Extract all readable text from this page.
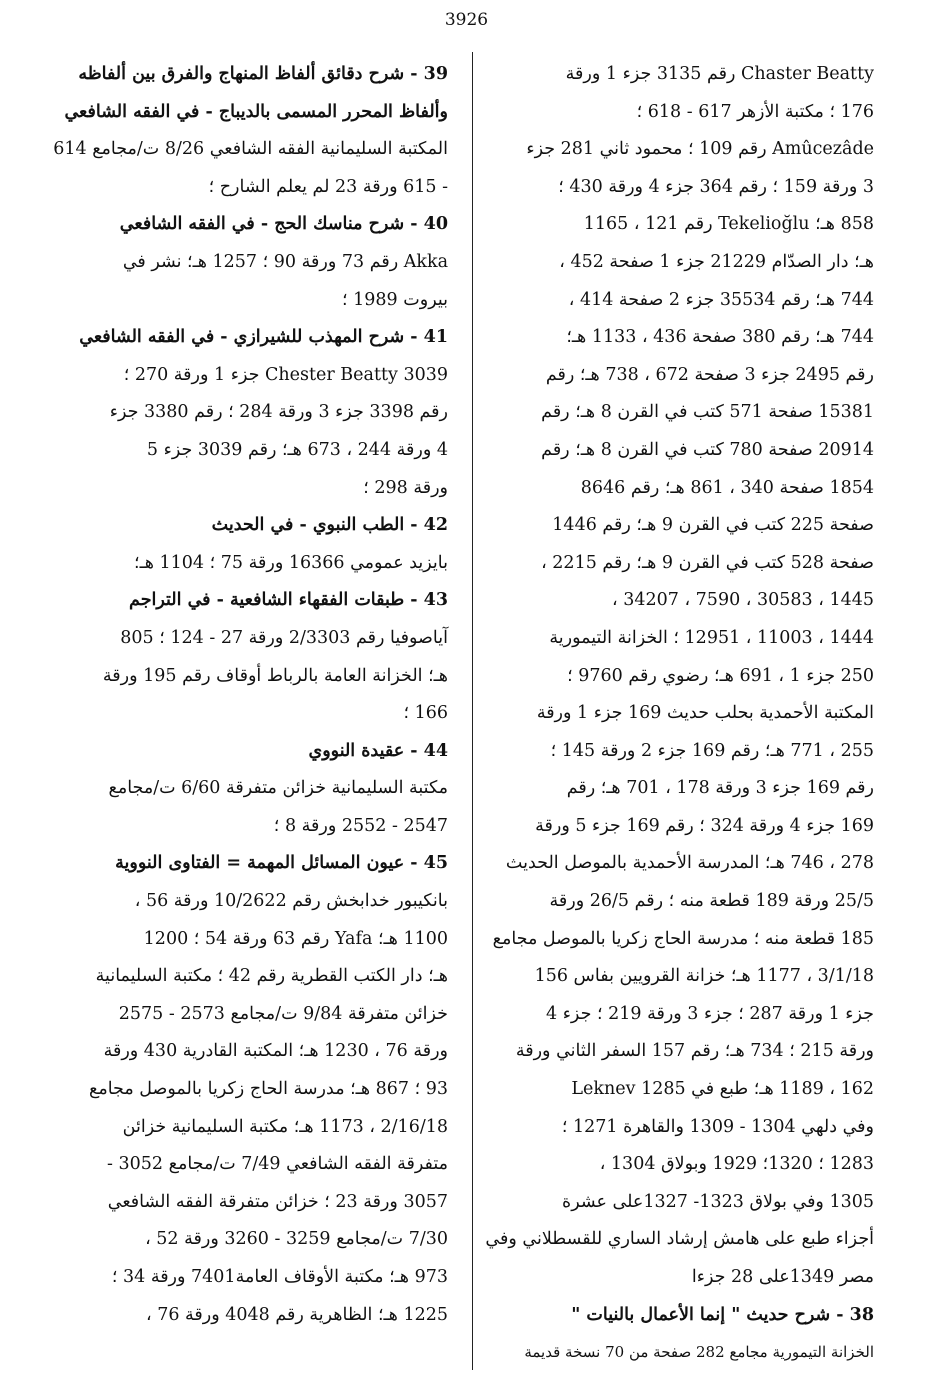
3926
Chaster Beatty رقم 3135 جزء 1 ورقة
176 ؛ مكتبة الأزهر 617 - 618 ؛
Amûcezâde رقم 109 ؛ محمود ثاني 281 جزء
3 ورقة 159 ؛ رقم 364 جزء 4 ورقة 430 ؛
858 هـ؛ Tekelioğlu رقم 121 ، 1165
هـ؛ دار الصدّام 21229 جزء 1 صفحة 452 ،
744 هـ؛ رقم 35534 جزء 2 صفحة 414 ،
744 هـ؛ رقم 380 صفحة 436 ، 1133 هـ؛
رقم 2495 جزء 3 صفحة 672 ، 738 هـ؛ رقم
15381 صفحة 571 كتب في القرن 8 هـ؛ رقم
20914 صفحة 780 كتب في القرن 8 هـ؛ رقم
1854 صفحة 340 ، 861 هـ؛ رقم 8646
صفحة 225 كتب في القرن 9 هـ؛ رقم 1446
صفحة 528 كتب في القرن 9 هـ؛ رقم 2215 ،
1445 ، 30583 ، 7590 ، 34207 ،
1444 ، 11003 ، 12951 ؛ الخزانة التيمورية
250 جزء 1 ، 691 هـ؛ رضوي رقم 9760 ؛
المكتبة الأحمدية بحلب حديث 169 جزء 1 ورقة
255 ، 771 هـ؛ رقم 169 جزء 2 ورقة 145 ؛
رقم 169 جزء 3 ورقة 178 ، 701 هـ؛ رقم
169 جزء 4 ورقة 324 ؛ رقم 169 جزء 5 ورقة
278 ، 746 هـ؛ المدرسة الأحمدية بالموصل الحديث
25/5 ورقة 189 قطعة منه ؛ رقم 26/5 ورقة
185 قطعة منه ؛ مدرسة الحاج زكريا بالموصل مجامع
3/1/18 ، 1177 هـ؛ خزانة القرويين بفاس 156
جزء 1 ورقة 287 ؛ جزء 3 ورقة 219 ؛ جزء 4
ورقة 215 ؛ 734 هـ؛ رقم 157 السفر الثاني ورقة
162 ، 1189 هـ؛ طبع في Leknev 1285
وفي دلهي 1304 - 1309 والقاهرة 1271 ؛
1283 ؛ 1320؛ 1929 وبولاق 1304 ،
1305 وفي بولاق 1323- 1327على عشرة
أجزاء طبع على هامش إرشاد الساري للقسطلاني وفي
مصر 1349على 28 جزءا
38 - شرح حديث " إنما الأعمال بالنيات "
الخزانة التيمورية مجامع 282 صفحة من 70 نسخة قديمة
39 - شرح دقائق ألفاظ المنهاج والفرق بين ألفاظه
وألفاظ المحرر المسمى بالديباج - في الفقه الشافعي
المكتبة السليمانية الفقه الشافعي 8/26 ت/مجامع 614
- 615 ورقة 23 لم يعلم الشارح ؛
40 - شرح مناسك الحج - في الفقه الشافعي
Akka رقم 73 ورقة 90 ؛ 1257 هـ؛ نشر في
بيروت 1989 ؛
41 - شرح المهذب للشيرازي - في الفقه الشافعي
Chester Beatty 3039 جزء 1 ورقة 270 ؛
رقم 3398 جزء 3 ورقة 284 ؛ رقم 3380 جزء
4 ورقة 244 ، 673 هـ؛ رقم 3039 جزء 5
ورقة 298 ؛
42 - الطب النبوي - في الحديث
بايزيد عمومي 16366 ورقة 75 ؛ 1104 هـ؛
43 - طبقات الفقهاء الشافعية - في التراجم
آياصوفيا رقم 2/3303 ورقة 27 - 124 ؛ 805
هـ؛ الخزانة العامة بالرباط أوقاف رقم 195 ورقة
166 ؛
44 - عقيدة النووي
مكتبة السليمانية خزائن متفرقة 6/60 ت/مجامع
2547 - 2552 ورقة 8 ؛
45 - عيون المسائل المهمة = الفتاوى النووية
بانكيبور خدابخش رقم 10/2622 ورقة 56 ،
1100 هـ؛ Yafa رقم 63 ورقة 54 ؛ 1200
هـ؛ دار الكتب القطرية رقم 42 ؛ مكتبة السليمانية
خزائن متفرقة 9/84 ت/مجامع 2573 - 2575
ورقة 76 ، 1230 هـ؛ المكتبة القادرية 430 ورقة
93 ؛ 867 هـ؛ مدرسة الحاج زكريا بالموصل مجامع
2/16/18 ، 1173 هـ؛ مكتبة السليمانية خزائن
متفرقة الفقه الشافعي 7/49 ت/مجامع 3052 -
3057 ورقة 23 ؛ خزائن متفرقة الفقه الشافعي
7/30 ت/مجامع 3259 - 3260 ورقة 52 ،
973 هـ؛ مكتبة الأوقاف العامة7401 ورقة 34 ؛
1225 هـ؛ الظاهرية رقم 4048 ورقة 76 ،
